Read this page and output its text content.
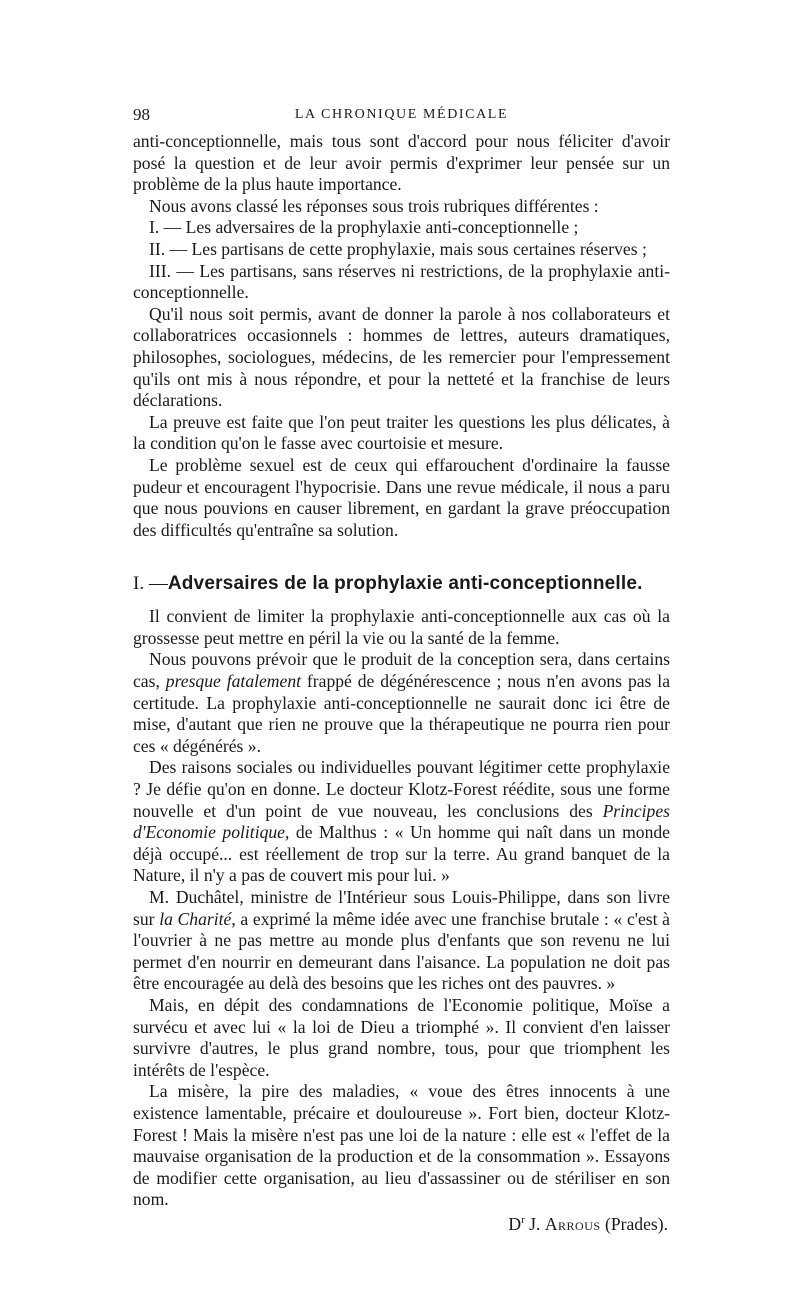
98	LA CHRONIQUE MÉDICALE

anti-conceptionnelle, mais tous sont d'accord pour nous féliciter d'avoir posé la question et de leur avoir permis d'exprimer leur pensée sur un problème de la plus haute importance.

Nous avons classé les réponses sous trois rubriques différentes :

I. — Les adversaires de la prophylaxie anti-conceptionnelle ;

II. — Les partisans de cette prophylaxie, mais sous certaines réserves ;

III. — Les partisans, sans réserves ni restrictions, de la prophylaxie anti-conceptionnelle.

Qu'il nous soit permis, avant de donner la parole à nos collaborateurs et collaboratrices occasionnels : hommes de lettres, auteurs dramatiques, philosophes, sociologues, médecins, de les remercier pour l'empressement qu'ils ont mis à nous répondre, et pour la netteté et la franchise de leurs déclarations.

La preuve est faite que l'on peut traiter les questions les plus délicates, à la condition qu'on le fasse avec courtoisie et mesure.

Le problème sexuel est de ceux qui effarouchent d'ordinaire la fausse pudeur et encouragent l'hypocrisie. Dans une revue médicale, il nous a paru que nous pouvions en causer librement, en gardant la grave préoccupation des difficultés qu'entraîne sa solution.

I. —Adversaires de la prophylaxie anti-conceptionnelle.

Il convient de limiter la prophylaxie anti-conceptionnelle aux cas où la grossesse peut mettre en péril la vie ou la santé de la femme.

Nous pouvons prévoir que le produit de la conception sera, dans certains cas, presque fatalement frappé de dégénérescence ; nous n'en avons pas la certitude. La prophylaxie anti-conceptionnelle ne saurait donc ici être de mise, d'autant que rien ne prouve que la thérapeutique ne pourra rien pour ces « dégénérés ».

Des raisons sociales ou individuelles pouvant légitimer cette prophylaxie ? Je défie qu'on en donne. Le docteur Klotz-Forest réédite, sous une forme nouvelle et d'un point de vue nouveau, les conclusions des Principes d'Economie politique, de Malthus : « Un homme qui naît dans un monde déjà occupé... est réellement de trop sur la terre. Au grand banquet de la Nature, il n'y a pas de couvert mis pour lui. »

M. Duchâtel, ministre de l'Intérieur sous Louis-Philippe, dans son livre sur la Charité, a exprimé la même idée avec une franchise brutale : « c'est à l'ouvrier à ne pas mettre au monde plus d'enfants que son revenu ne lui permet d'en nourrir en demeurant dans l'aisance. La population ne doit pas être encouragée au delà des besoins que les riches ont des pauvres. »

Mais, en dépit des condamnations de l'Economie politique, Moïse a survécu et avec lui « la loi de Dieu a triomphé ». Il convient d'en laisser survivre d'autres, le plus grand nombre, tous, pour que triomphent les intérêts de l'espèce.

La misère, la pire des maladies, « voue des êtres innocents à une existence lamentable, précaire et douloureuse ». Fort bien, docteur Klotz-Forest ! Mais la misère n'est pas une loi de la nature : elle est « l'effet de la mauvaise organisation de la production et de la consommation ». Essayons de modifier cette organisation, au lieu d'assassiner ou de stériliser en son nom.

$D^r$ J. Arrous (Prades).
